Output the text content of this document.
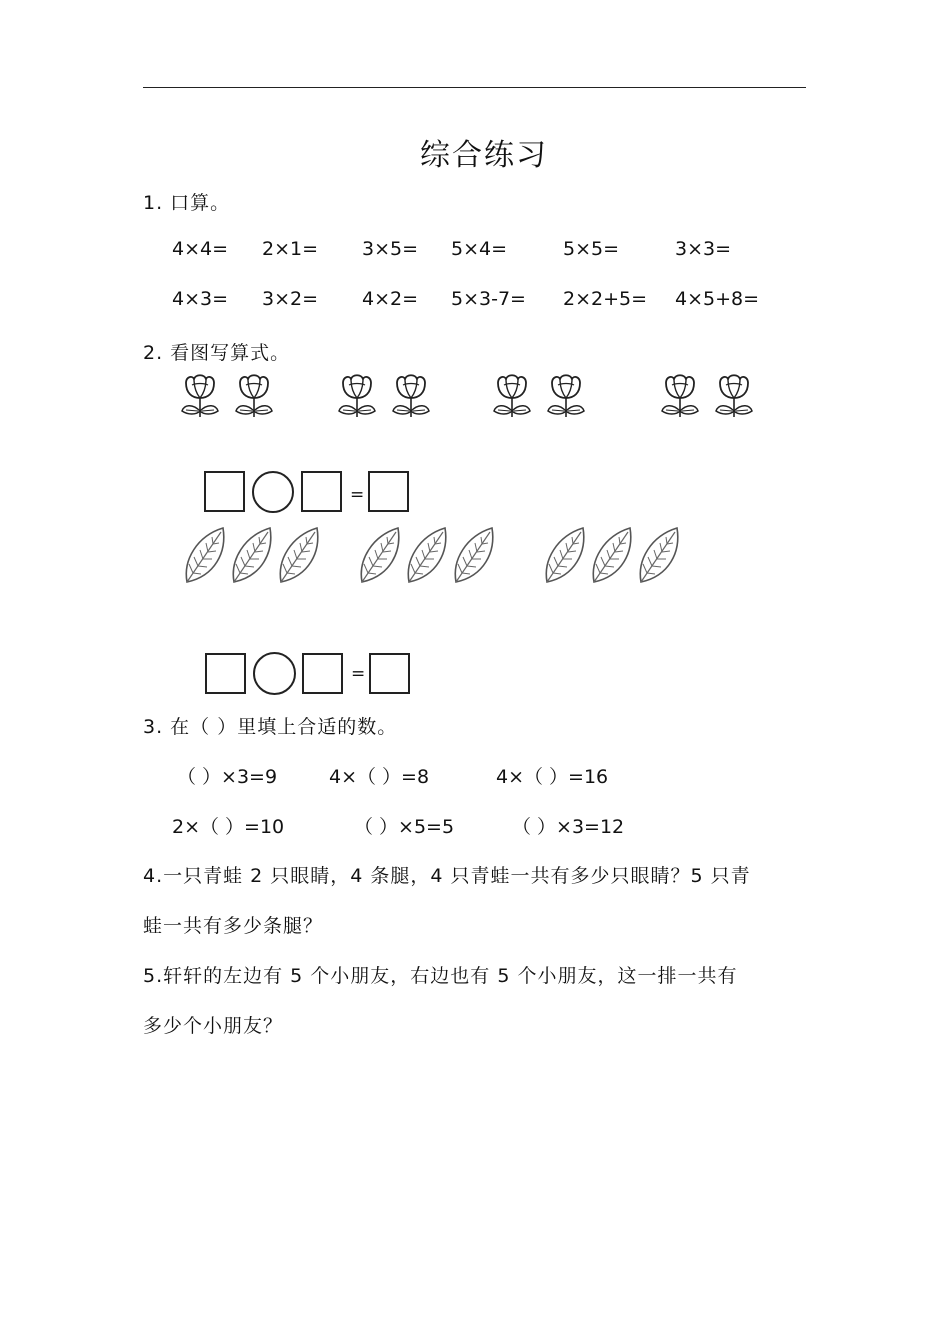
综合练习
1. 口算。
4×4= 2×1= 3×5= 5×4=	5×5=	3×3=
4×3= 3×2= 4×2= 5×3-7= 2×2+5= 4×5+8=
2. 看图写算式。
=
=
3. 在（ ）里填上合适的数。
（ ）×3=9	4×（ ）=8	4×（ ）=16
2×（ ）=10	（ ）×5=5	（ ）×3=12
4.一只青蛙 2 只眼睛，4 条腿，4 只青蛙一共有多少只眼睛？5 只青
蛙一共有多少条腿？
5.轩轩的左边有 5 个小朋友，右边也有 5 个小朋友，这一排一共有
多少个小朋友？
